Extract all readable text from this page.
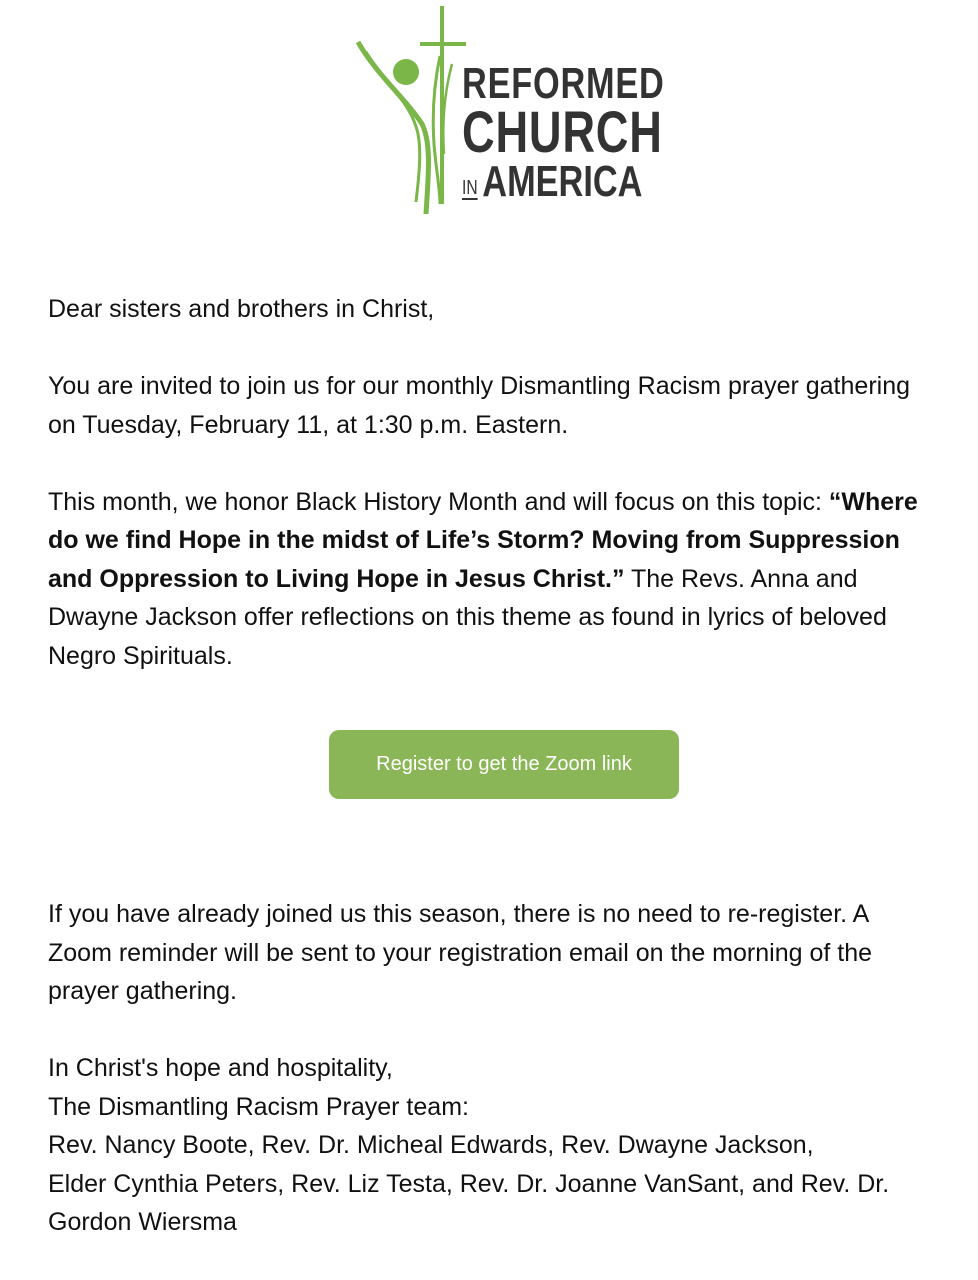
REFORMED
CHURCH
IN AMERICA

Dear sisters and brothers in Christ,

You are invited to join us for our monthly Dismantling Racism prayer gathering
on Tuesday, February 11, at 1:30 p.m. Eastern.

This month, we honor Black History Month and will focus on this topic: “Where
do we find Hope in the midst of Life’s Storm? Moving from Suppression
and Oppression to Living Hope in Jesus Christ.” The Revs. Anna and
Dwayne Jackson offer reflections on this theme as found in lyrics of beloved
Negro Spirituals.

Register to get the Zoom link

If you have already joined us this season, there is no need to re-register. A
Zoom reminder will be sent to your registration email on the morning of the
prayer gathering.

In Christ's hope and hospitality,
The Dismantling Racism Prayer team:
Rev. Nancy Boote, Rev. Dr. Micheal Edwards, Rev. Dwayne Jackson,
Elder Cynthia Peters, Rev. Liz Testa, Rev. Dr. Joanne VanSant, and Rev. Dr.
Gordon Wiersma
